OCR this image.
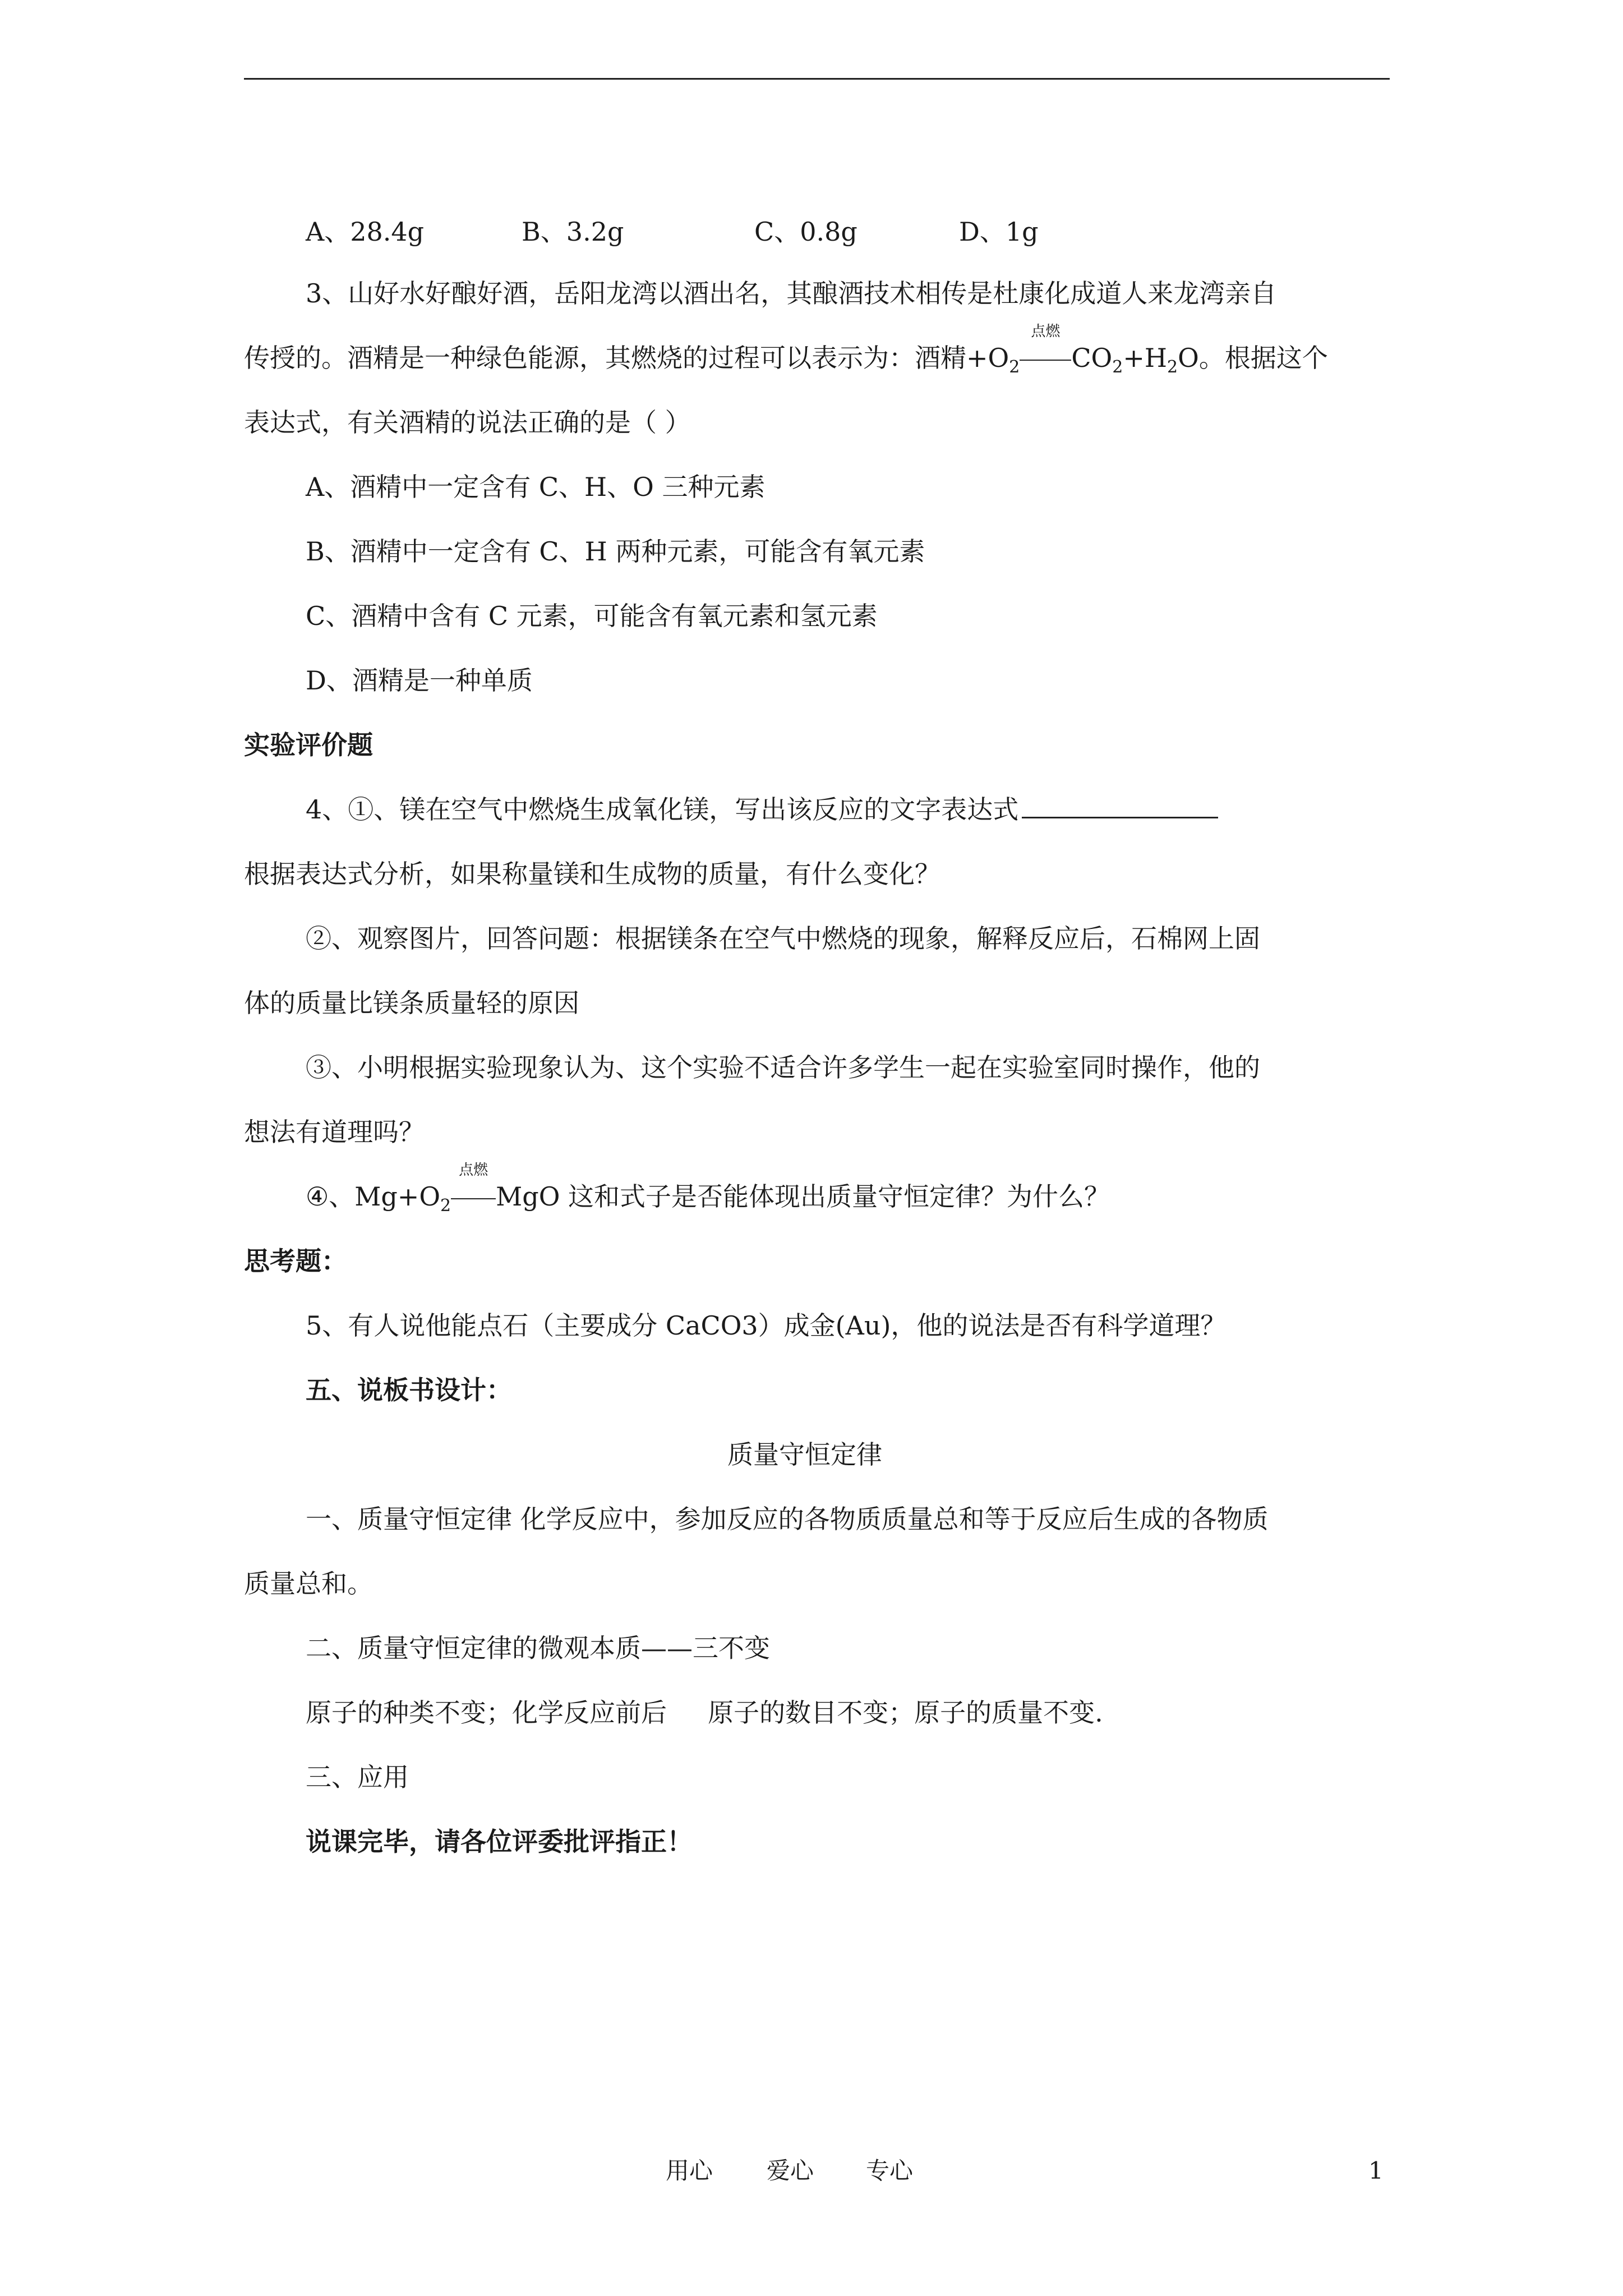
A、28.4g	B、3.2g	C、0.8g	D、1g
3、山好水好酿好酒，岳阳龙湾以酒出名，其酿酒技术相传是杜康化成道人来龙湾亲自
传授的。酒精是一种绿色能源，其燃烧的过程可以表示为：酒精$+O_2$
点燃
$CO_2+H_2O$。根据这个
表达式，有关酒精的说法正确的是（ ）
A、酒精中一定含有 C、H、O 三种元素
B、酒精中一定含有 C、H 两种元素，可能含有氧元素
C、酒精中含有 C 元素，可能含有氧元素和氢元素
D、酒精是一种单质
实验评价题
4、①、镁在空气中燃烧生成氧化镁，写出该反应的文字表达式
根据表达式分析，如果称量镁和生成物的质量，有什么变化？
②、观察图片，回答问题：根据镁条在空气中燃烧的现象，解释反应后，石棉网上固
体的质量比镁条质量轻的原因
③、小明根据实验现象认为、这个实验不适合许多学生一起在实验室同时操作，他的
想法有道理吗？
④、$Mg+O_2$
点燃
MgO 这和式子是否能体现出质量守恒定律？为什么？
思考题：
5、有人说他能点石（主要成分 CaCO3）成金(Au)，他的说法是否有科学道理？
五、说板书设计：
质量守恒定律
一、质量守恒定律 化学反应中，参加反应的各物质质量总和等于反应后生成的各物质
质量总和。
二、质量守恒定律的微观本质——三不变
原子的种类不变；化学反应前后     原子的数目不变；原子的质量不变.
三、应用
说课完毕，请各位评委批评指正！
用心 爱心 专心	1
